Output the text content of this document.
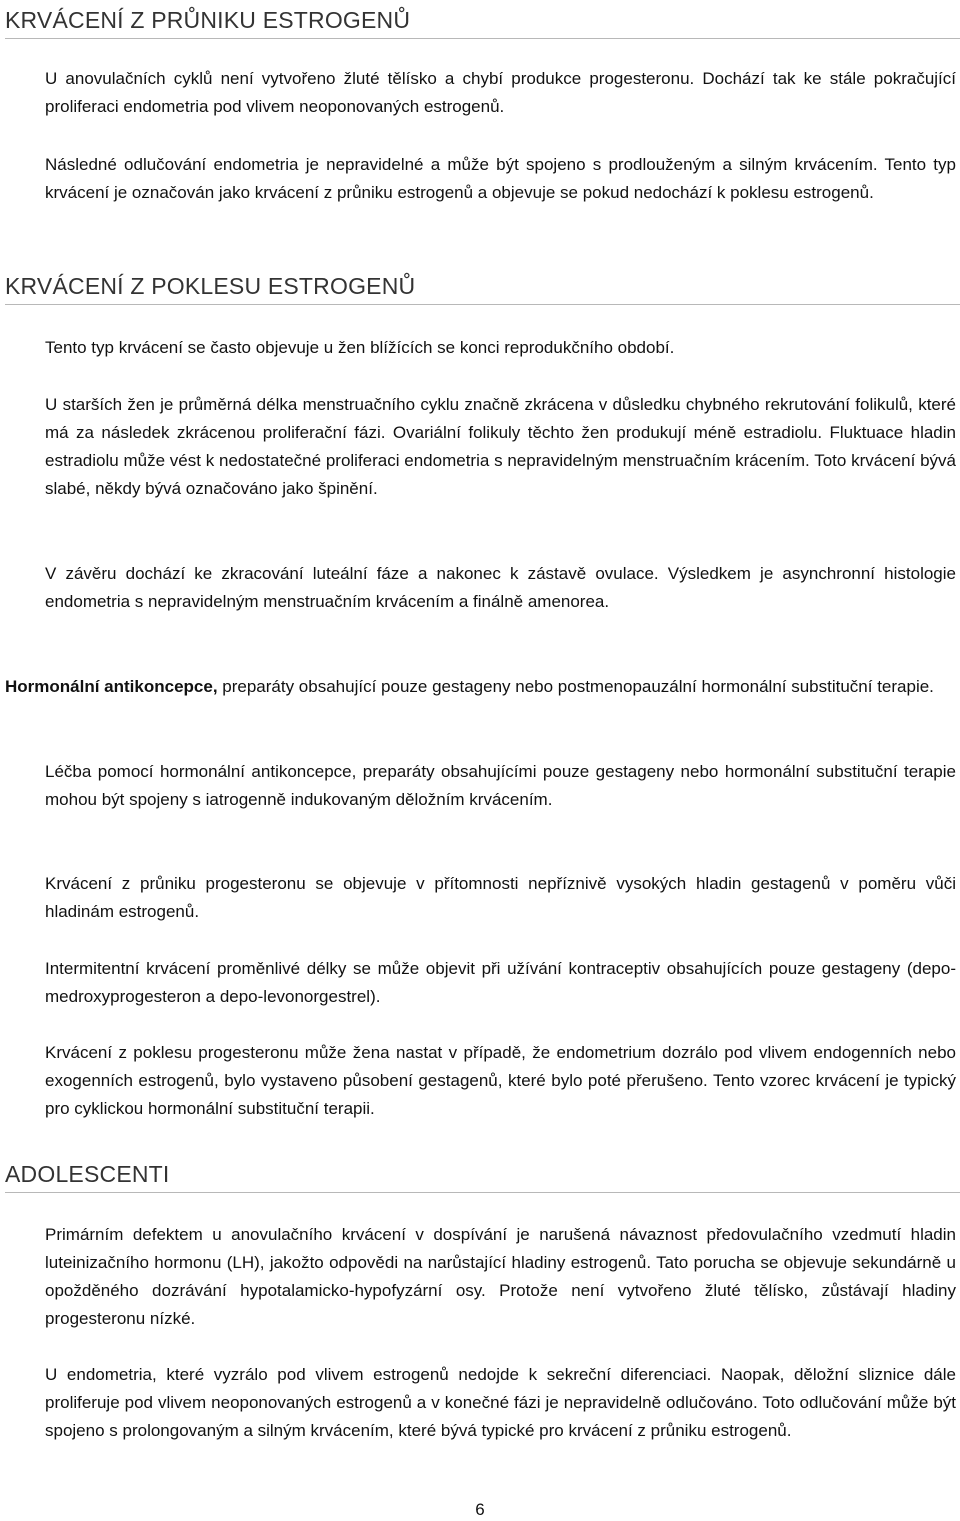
KRVÁCENÍ Z PRŮNIKU ESTROGENŮ

U anovulačních cyklů není vytvořeno žluté tělísko a chybí produkce progesteronu. Dochází tak ke stále pokračující proliferaci endometria pod vlivem neoponovaných estrogenů.

Následné odlučování endometria je nepravidelné a může být spojeno s prodlouženým a silným krvácením. Tento typ krvácení je označován jako krvácení z průniku estrogenů a objevuje se pokud nedochází k poklesu estrogenů.

KRVÁCENÍ Z POKLESU ESTROGENŮ

Tento typ krvácení se často objevuje u žen blížících se konci reprodukčního období.

U starších žen je průměrná délka menstruačního cyklu značně zkrácena v důsledku chybného rekrutování folikulů, které má za následek zkrácenou proliferační fázi. Ovariální folikuly těchto žen produkují méně estradiolu. Fluktuace hladin estradiolu může vést k nedostatečné proliferaci endometria s nepravidelným menstruačním krácením. Toto krvácení bývá slabé, někdy bývá označováno jako špinění.

V závěru dochází ke zkracování luteální fáze a nakonec k zástavě ovulace. Výsledkem je asynchronní histologie endometria s nepravidelným menstruačním krvácením a finálně amenorea.

Hormonální antikoncepce, preparáty obsahující pouze gestageny nebo postmenopauzální hormonální substituční terapie.

Léčba pomocí hormonální antikoncepce, preparáty obsahujícími pouze gestageny nebo hormonální substituční terapie mohou být spojeny s iatrogenně indukovaným děložním krvácením.

Krvácení z průniku progesteronu se objevuje v přítomnosti nepříznivě vysokých hladin gestagenů v poměru vůči hladinám estrogenů.

Intermitentní krvácení proměnlivé délky se může objevit při užívání kontraceptiv obsahujících pouze gestageny (depo-medroxyprogesteron a depo-levonorgestrel).

Krvácení z poklesu progesteronu může žena nastat v případě, že endometrium dozrálo pod vlivem endogenních nebo exogenních estrogenů, bylo vystaveno působení gestagenů, které bylo poté přerušeno. Tento vzorec krvácení je typický pro cyklickou hormonální substituční terapii.

ADOLESCENTI

Primárním defektem u anovulačního krvácení v dospívání je narušená návaznost předovulačního vzedmutí hladin luteinizačního hormonu (LH), jakožto odpovědi na narůstající hladiny estrogenů. Tato porucha se objevuje sekundárně u opožděného dozrávání hypotalamicko-hypofyzární osy. Protože není vytvořeno žluté tělísko, zůstávají hladiny progesteronu nízké.

U endometria, které vyzrálo pod vlivem estrogenů nedojde k sekreční diferenciaci. Naopak, děložní sliznice dále proliferuje pod vlivem neoponovaných estrogenů a v konečné fázi je nepravidelně odlučováno. Toto odlučování může být spojeno s prolongovaným a silným krvácením, které bývá typické pro krvácení z průniku estrogenů.

6
